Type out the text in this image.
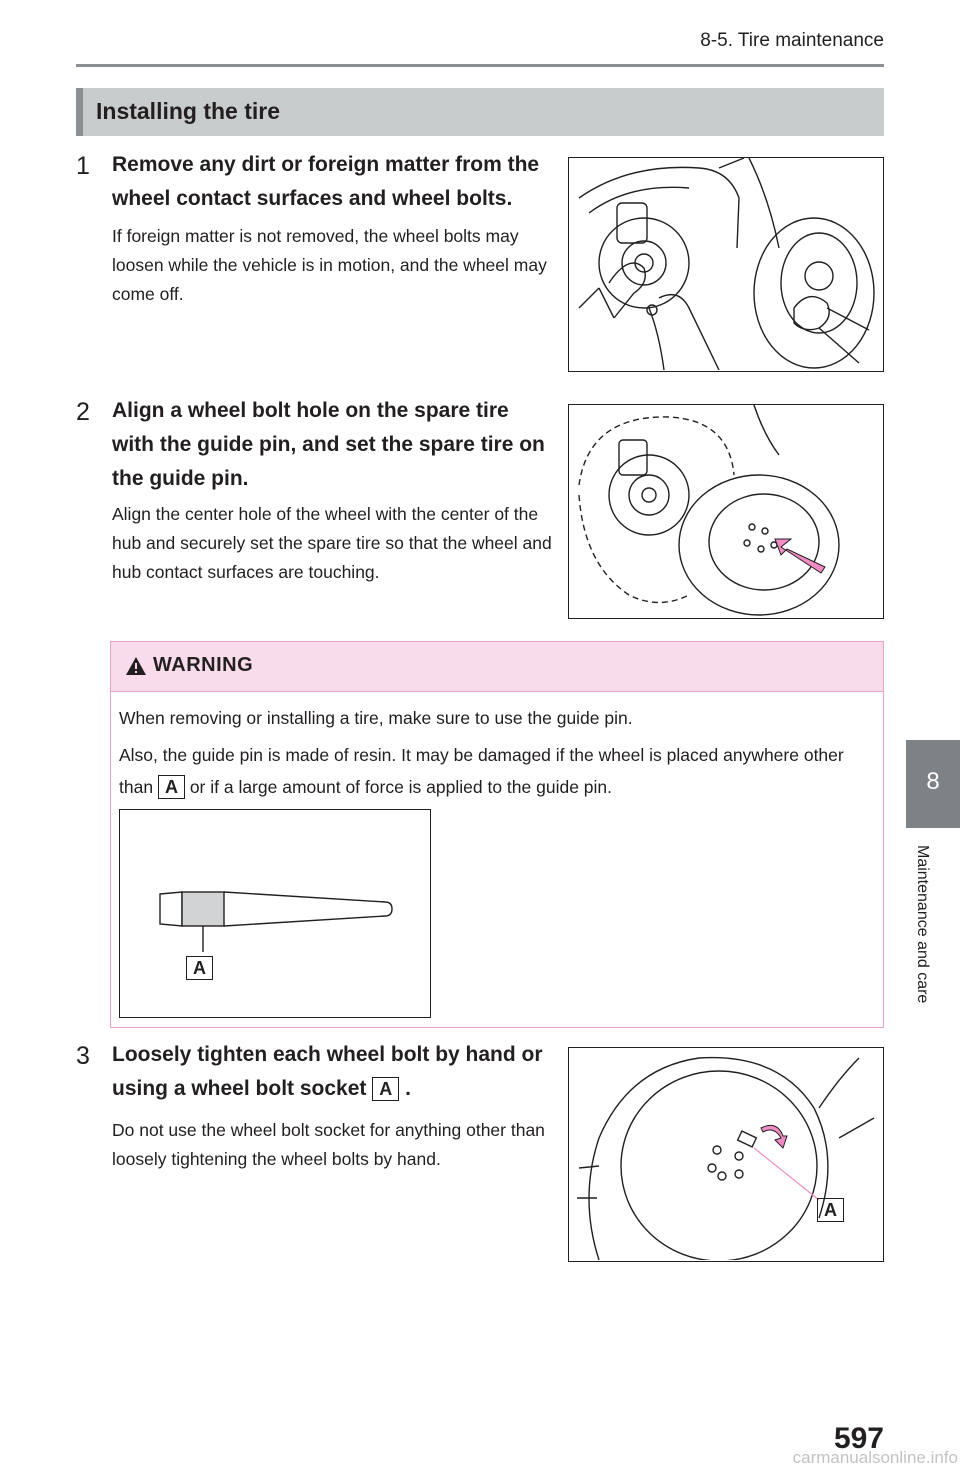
8-5. Tire maintenance
Installing the tire
1 Remove any dirt or foreign matter from the wheel contact surfaces and wheel bolts.
If foreign matter is not removed, the wheel bolts may loosen while the vehicle is in motion, and the wheel may come off.
2 Align a wheel bolt hole on the spare tire with the guide pin, and set the spare tire on the guide pin.
Align the center hole of the wheel with the center of the hub and securely set the spare tire so that the wheel and hub contact surfaces are touching.
WARNING
When removing or installing a tire, make sure to use the guide pin.
Also, the guide pin is made of resin. It may be damaged if the wheel is placed anywhere other than A or if a large amount of force is applied to the guide pin.
A
3 Loosely tighten each wheel bolt by hand or using a wheel bolt socket A .
Do not use the wheel bolt socket for anything other than loosely tightening the wheel bolts by hand.
A
8
Maintenance and care
597
carmanualsonline.info
